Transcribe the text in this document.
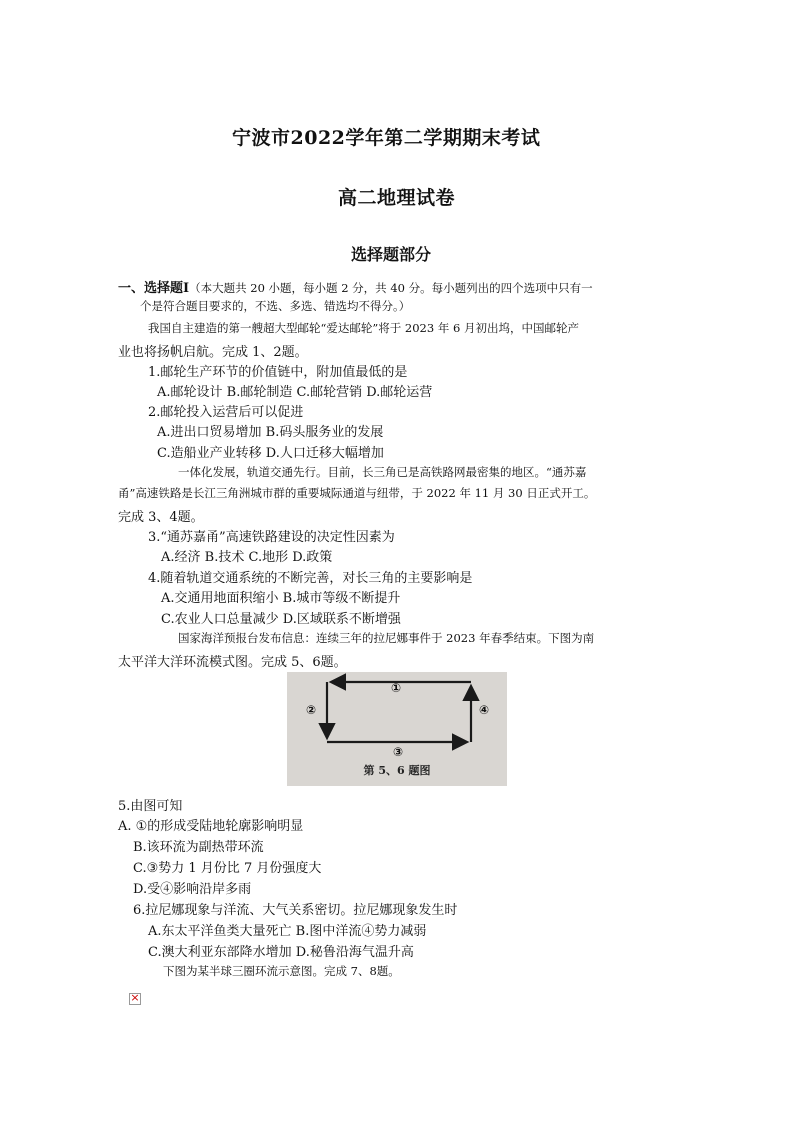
宁波市2022学年第二学期期末考试
高二地理试卷
选择题部分
一、选择题Ⅰ（本大题共 20 小题，每小题 2 分，共 40 分。每小题列出的四个选项中只有一
个是符合题目要求的，不选、多选、错选均不得分。）
我国自主建造的第一艘超大型邮轮“爱达邮轮”将于 2023 年 6 月初出坞，中国邮轮产
业也将扬帆启航。完成 1、2题。
1.邮轮生产环节的价值链中，附加值最低的是
A.邮轮设计 B.邮轮制造 C.邮轮营销 D.邮轮运营
2.邮轮投入运营后可以促进
A.进出口贸易增加 B.码头服务业的发展
C.造船业产业转移 D.人口迁移大幅增加
一体化发展，轨道交通先行。目前，长三角已是高铁路网最密集的地区。“通苏嘉
甬”高速铁路是长江三角洲城市群的重要城际通道与纽带，于 2022 年 11 月 30 日正式开工。
完成 3、4题。
3.“通苏嘉甬”高速铁路建设的决定性因素为
A.经济 B.技术 C.地形 D.政策
4.随着轨道交通系统的不断完善，对长三角的主要影响是
A.交通用地面积缩小 B.城市等级不断提升
C.农业人口总量减少 D.区域联系不断增强
国家海洋预报台发布信息：连续三年的拉尼娜事件于 2023 年春季结束。下图为南
太平洋大洋环流模式图。完成 5、6题。
①
②
③
④
第 5、6 题图
5.由图可知
A. ①的形成受陆地轮廓影响明显
B.该环流为副热带环流
C.③势力 1 月份比 7 月份强度大
D.受④影响沿岸多雨
6.拉尼娜现象与洋流、大气关系密切。拉尼娜现象发生时
A.东太平洋鱼类大量死亡 B.图中洋流④势力减弱
C.澳大利亚东部降水增加 D.秘鲁沿海气温升高
下图为某半球三圈环流示意图。完成 7、8题。
×
